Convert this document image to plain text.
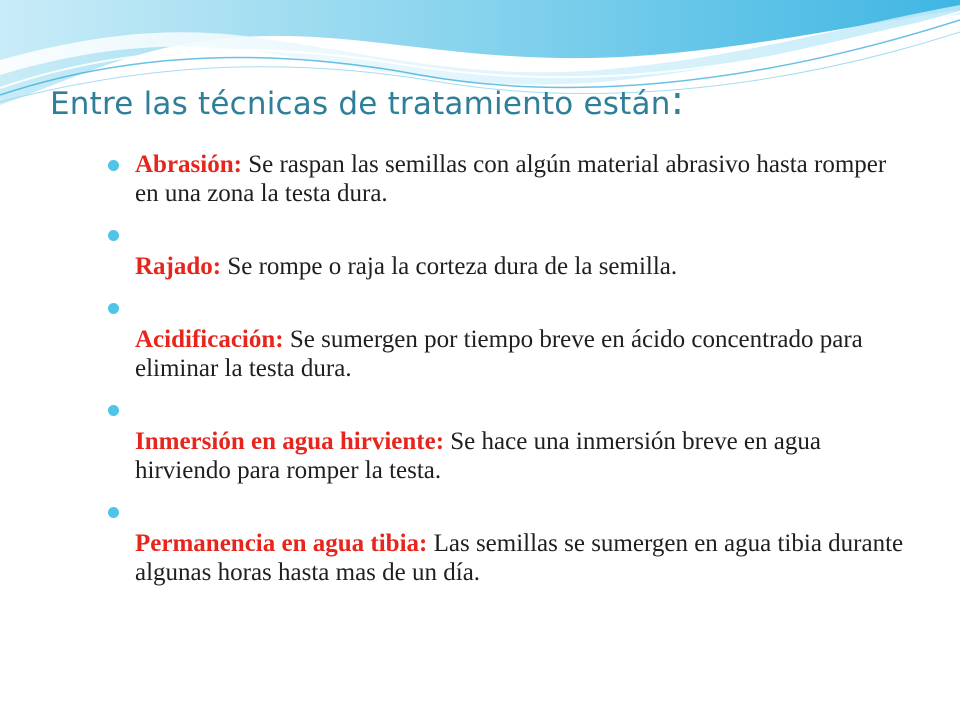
Entre las técnicas de tratamiento están:
Abrasión: Se raspan las semillas con algún material abrasivo hasta romper en una zona la testa dura.
Rajado: Se rompe o raja la corteza dura de la semilla.
Acidificación: Se sumergen por tiempo breve en ácido concentrado para eliminar la testa dura.
Inmersión en agua hirviente: Se hace una inmersión breve en agua hirviendo para romper la testa.
Permanencia en agua tibia: Las semillas se sumergen en agua tibia durante algunas horas hasta mas de un día.
